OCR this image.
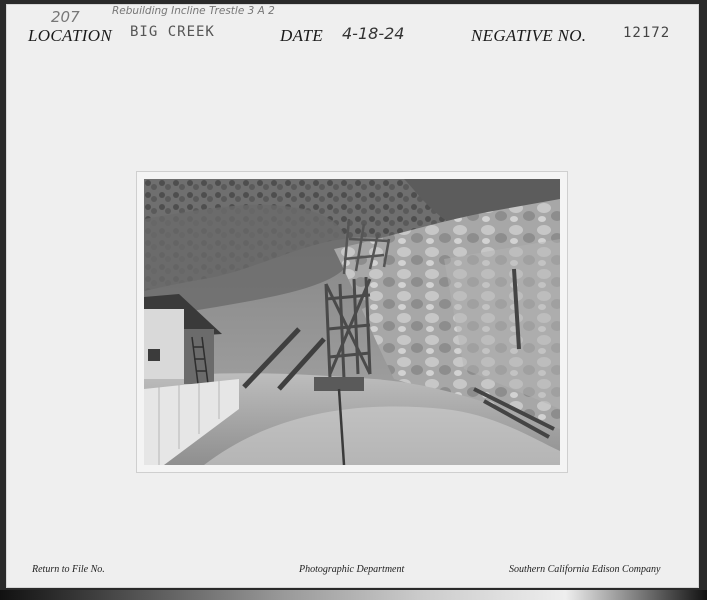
207	Rebuilding Incline Trestle 3 A 2
LOCATION BIG CREEK	DATE 4-18-24	NEGATIVE NO.	12172
Return to File No.	Photographic Department	Southern California Edison Company
